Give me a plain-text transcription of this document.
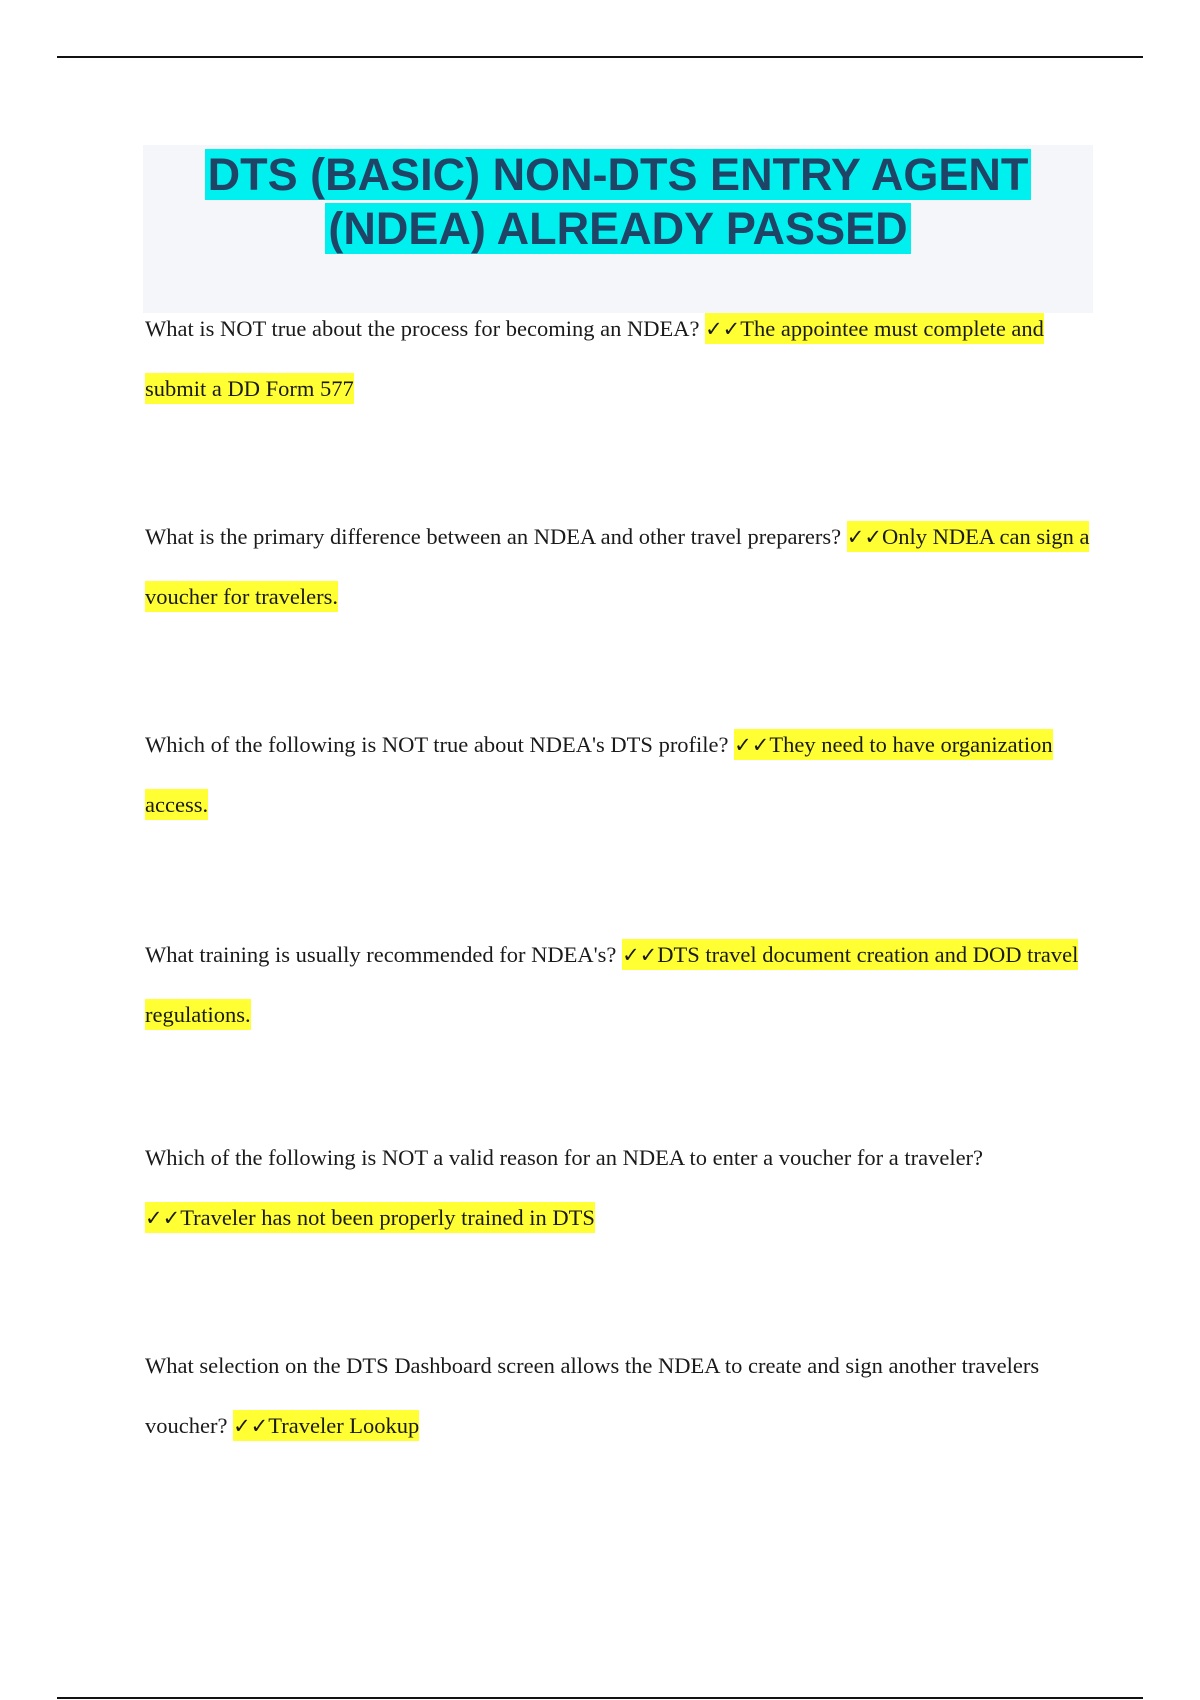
DTS (BASIC) NON-DTS ENTRY AGENT (NDEA) ALREADY PASSED

What is NOT true about the process for becoming an NDEA? ✓✓The appointee must complete and submit a DD Form 577

What is the primary difference between an NDEA and other travel preparers? ✓✓Only NDEA can sign a voucher for travelers.

Which of the following is NOT true about NDEA's DTS profile? ✓✓They need to have organization access.

What training is usually recommended for NDEA's? ✓✓DTS travel document creation and DOD travel regulations.

Which of the following is NOT a valid reason for an NDEA to enter a voucher for a traveler? ✓✓Traveler has not been properly trained in DTS

What selection on the DTS Dashboard screen allows the NDEA to create and sign another travelers voucher? ✓✓Traveler Lookup
